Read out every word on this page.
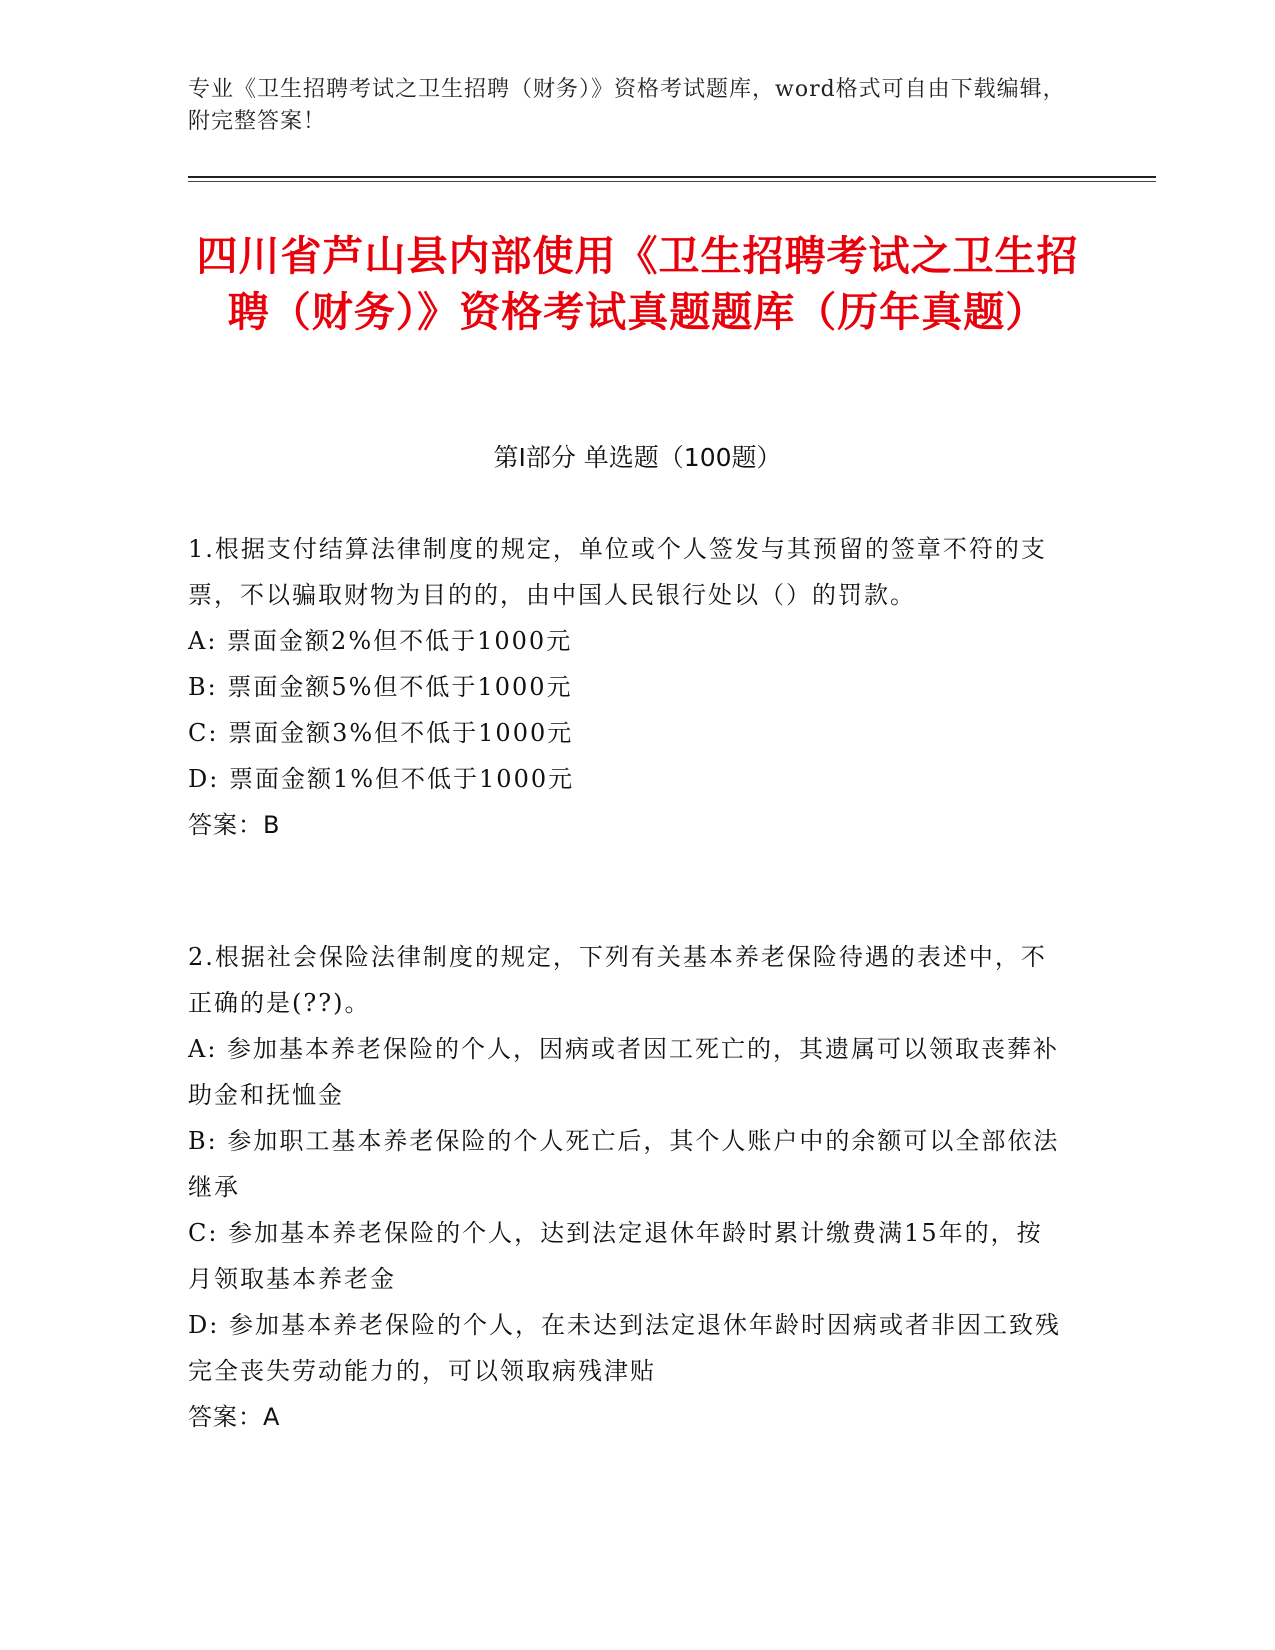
专业《卫生招聘考试之卫生招聘（财务）》资格考试题库，word格式可自由下载编辑，附完整答案！
四川省芦山县内部使用《卫生招聘考试之卫生招聘（财务）》资格考试真题题库（历年真题）
第Ⅰ部分 单选题（100题）

1.根据支付结算法律制度的规定，单位或个人签发与其预留的签章不符的支票，不以骗取财物为目的的，由中国人民银行处以（）的罚款。

A: 票面金额2%但不低于1000元

B: 票面金额5%但不低于1000元

C: 票面金额3%但不低于1000元

D: 票面金额1%但不低于1000元

答案：B

2.根据社会保险法律制度的规定，下列有关基本养老保险待遇的表述中，不正确的是(??)。

A: 参加基本养老保险的个人，因病或者因工死亡的，其遗属可以领取丧葬补助金和抚恤金

B: 参加职工基本养老保险的个人死亡后，其个人账户中的余额可以全部依法继承

C: 参加基本养老保险的个人，达到法定退休年龄时累计缴费满15年的，按月领取基本养老金

D: 参加基本养老保险的个人，在未达到法定退休年龄时因病或者非因工致残完全丧失劳动能力的，可以领取病残津贴

答案：A
